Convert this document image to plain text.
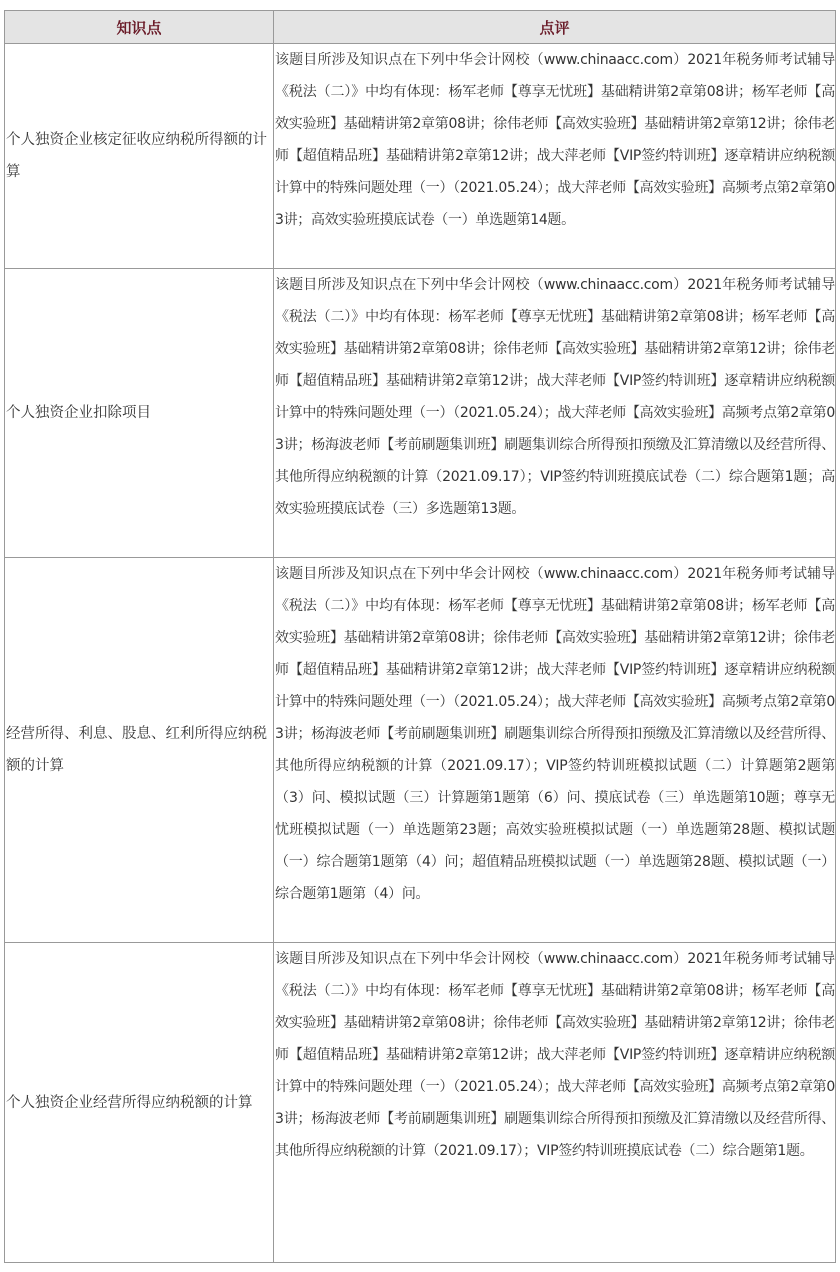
知识点	点评
个人独资企业核定征收应纳税所得额的计算	该题目所涉及知识点在下列中华会计网校（www.chinaacc.com）2021年税务师考试辅导《税法（二）》中均有体现：杨军老师【尊享无忧班】基础精讲第2章第08讲；杨军老师【高效实验班】基础精讲第2章第08讲；徐伟老师【高效实验班】基础精讲第2章第12讲；徐伟老师【超值精品班】基础精讲第2章第12讲；战大萍老师【VIP签约特训班】逐章精讲应纳税额计算中的特殊问题处理（一）（2021.05.24）；战大萍老师【高效实验班】高频考点第2章第03讲；高效实验班摸底试卷（一）单选题第14题。
个人独资企业扣除项目	该题目所涉及知识点在下列中华会计网校（www.chinaacc.com）2021年税务师考试辅导《税法（二）》中均有体现：杨军老师【尊享无忧班】基础精讲第2章第08讲；杨军老师【高效实验班】基础精讲第2章第08讲；徐伟老师【高效实验班】基础精讲第2章第12讲；徐伟老师【超值精品班】基础精讲第2章第12讲；战大萍老师【VIP签约特训班】逐章精讲应纳税额计算中的特殊问题处理（一）（2021.05.24）；战大萍老师【高效实验班】高频考点第2章第03讲；杨海波老师【考前刷题集训班】刷题集训综合所得预扣预缴及汇算清缴以及经营所得、其他所得应纳税额的计算（2021.09.17）；VIP签约特训班摸底试卷（二）综合题第1题；高效实验班摸底试卷（三）多选题第13题。
经营所得、利息、股息、红利所得应纳税额的计算	该题目所涉及知识点在下列中华会计网校（www.chinaacc.com）2021年税务师考试辅导《税法（二）》中均有体现：杨军老师【尊享无忧班】基础精讲第2章第08讲；杨军老师【高效实验班】基础精讲第2章第08讲；徐伟老师【高效实验班】基础精讲第2章第12讲；徐伟老师【超值精品班】基础精讲第2章第12讲；战大萍老师【VIP签约特训班】逐章精讲应纳税额计算中的特殊问题处理（一）（2021.05.24）；战大萍老师【高效实验班】高频考点第2章第03讲；杨海波老师【考前刷题集训班】刷题集训综合所得预扣预缴及汇算清缴以及经营所得、其他所得应纳税额的计算（2021.09.17）；VIP签约特训班模拟试题（二）计算题第2题第（3）问、模拟试题（三）计算题第1题第（6）问、摸底试卷（三）单选题第10题；尊享无忧班模拟试题（一）单选题第23题；高效实验班模拟试题（一）单选题第28题、模拟试题（一）综合题第1题第（4）问；超值精品班模拟试题（一）单选题第28题、模拟试题（一）综合题第1题第（4）问。
个人独资企业经营所得应纳税额的计算	该题目所涉及知识点在下列中华会计网校（www.chinaacc.com）2021年税务师考试辅导《税法（二）》中均有体现：杨军老师【尊享无忧班】基础精讲第2章第08讲；杨军老师【高效实验班】基础精讲第2章第08讲；徐伟老师【高效实验班】基础精讲第2章第12讲；徐伟老师【超值精品班】基础精讲第2章第12讲；战大萍老师【VIP签约特训班】逐章精讲应纳税额计算中的特殊问题处理（一）（2021.05.24）；战大萍老师【高效实验班】高频考点第2章第03讲；杨海波老师【考前刷题集训班】刷题集训综合所得预扣预缴及汇算清缴以及经营所得、其他所得应纳税额的计算（2021.09.17）；VIP签约特训班摸底试卷（二）综合题第1题。
